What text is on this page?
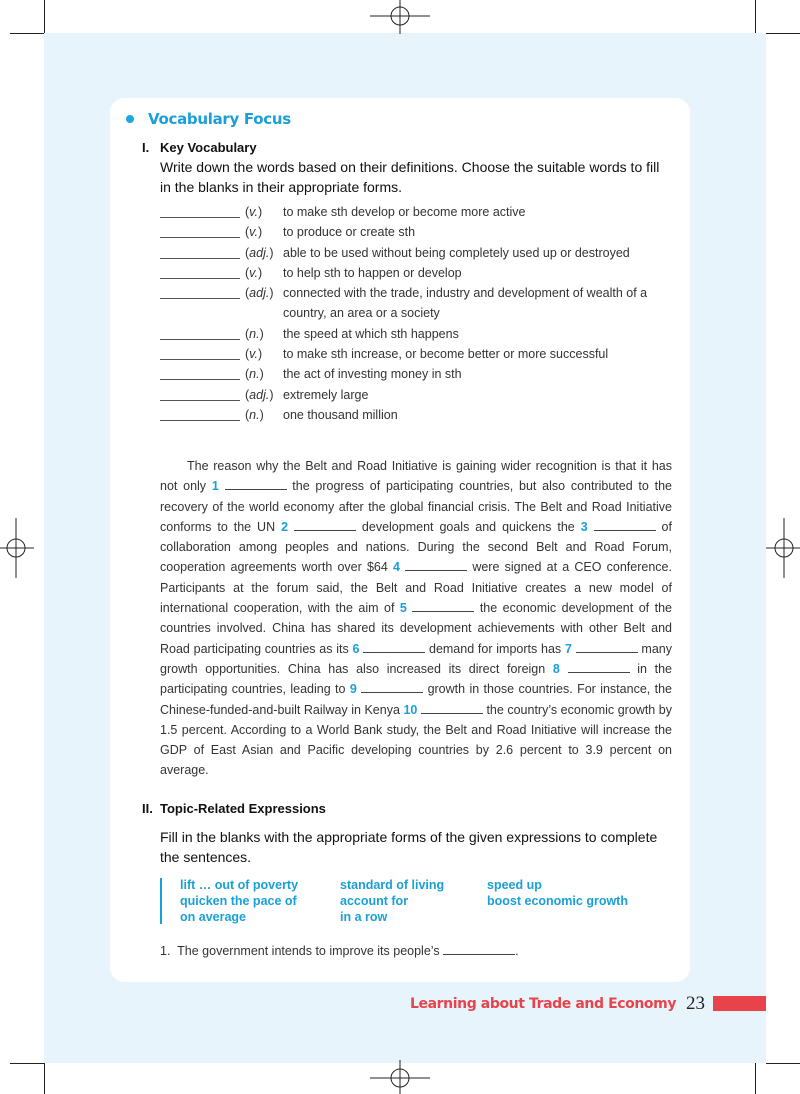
Vocabulary Focus
I. Key Vocabulary
Write down the words based on their definitions. Choose the suitable words to fill in the blanks in their appropriate forms.
(v.)	to make sth develop or become more active
(v.)	to produce or create sth
(adj.) able to be used without being completely used up or destroyed
(v.)	to help sth to happen or develop
(adj.) connected with the trade, industry and development of wealth of a country, an area or a society
(n.)	the speed at which sth happens
(v.)	to make sth increase, or become better or more successful
(n.)	the act of investing money in sth
(adj.) extremely large
(n.)	one thousand million
The reason why the Belt and Road Initiative is gaining wider recognition is that it has not only 1	the progress of participating countries, but also contributed to the recovery of the world economy after the global financial crisis. The Belt and Road Initiative conforms to the UN 2	development goals and quickens the 3	of collaboration among peoples and nations. During the second Belt and Road Forum, cooperation agreements worth over $64 4	were signed at a CEO conference. Participants at the forum said, the Belt and Road Initiative creates a new model of international cooperation, with the aim of 5	the economic development of the countries involved. China has shared its development achievements with other Belt and Road participating countries as its 6	demand for imports has 7	many growth opportunities. China has also increased its direct foreign 8	in the participating countries, leading to 9	growth in those countries. For instance, the Chinese-funded-and-built Railway in Kenya 10	the country’s economic growth by 1.5 percent. According to a World Bank study, the Belt and Road Initiative will increase the GDP of East Asian and Pacific developing countries by 2.6 percent to 3.9 percent on average.
II. Topic-Related Expressions
Fill in the blanks with the appropriate forms of the given expressions to complete the sentences.
lift … out of poverty	standard of living	speed up
quicken the pace of	account for	boost economic growth
on average	in a row
1. The government intends to improve its people’s	.
Learning about Trade and Economy 23
